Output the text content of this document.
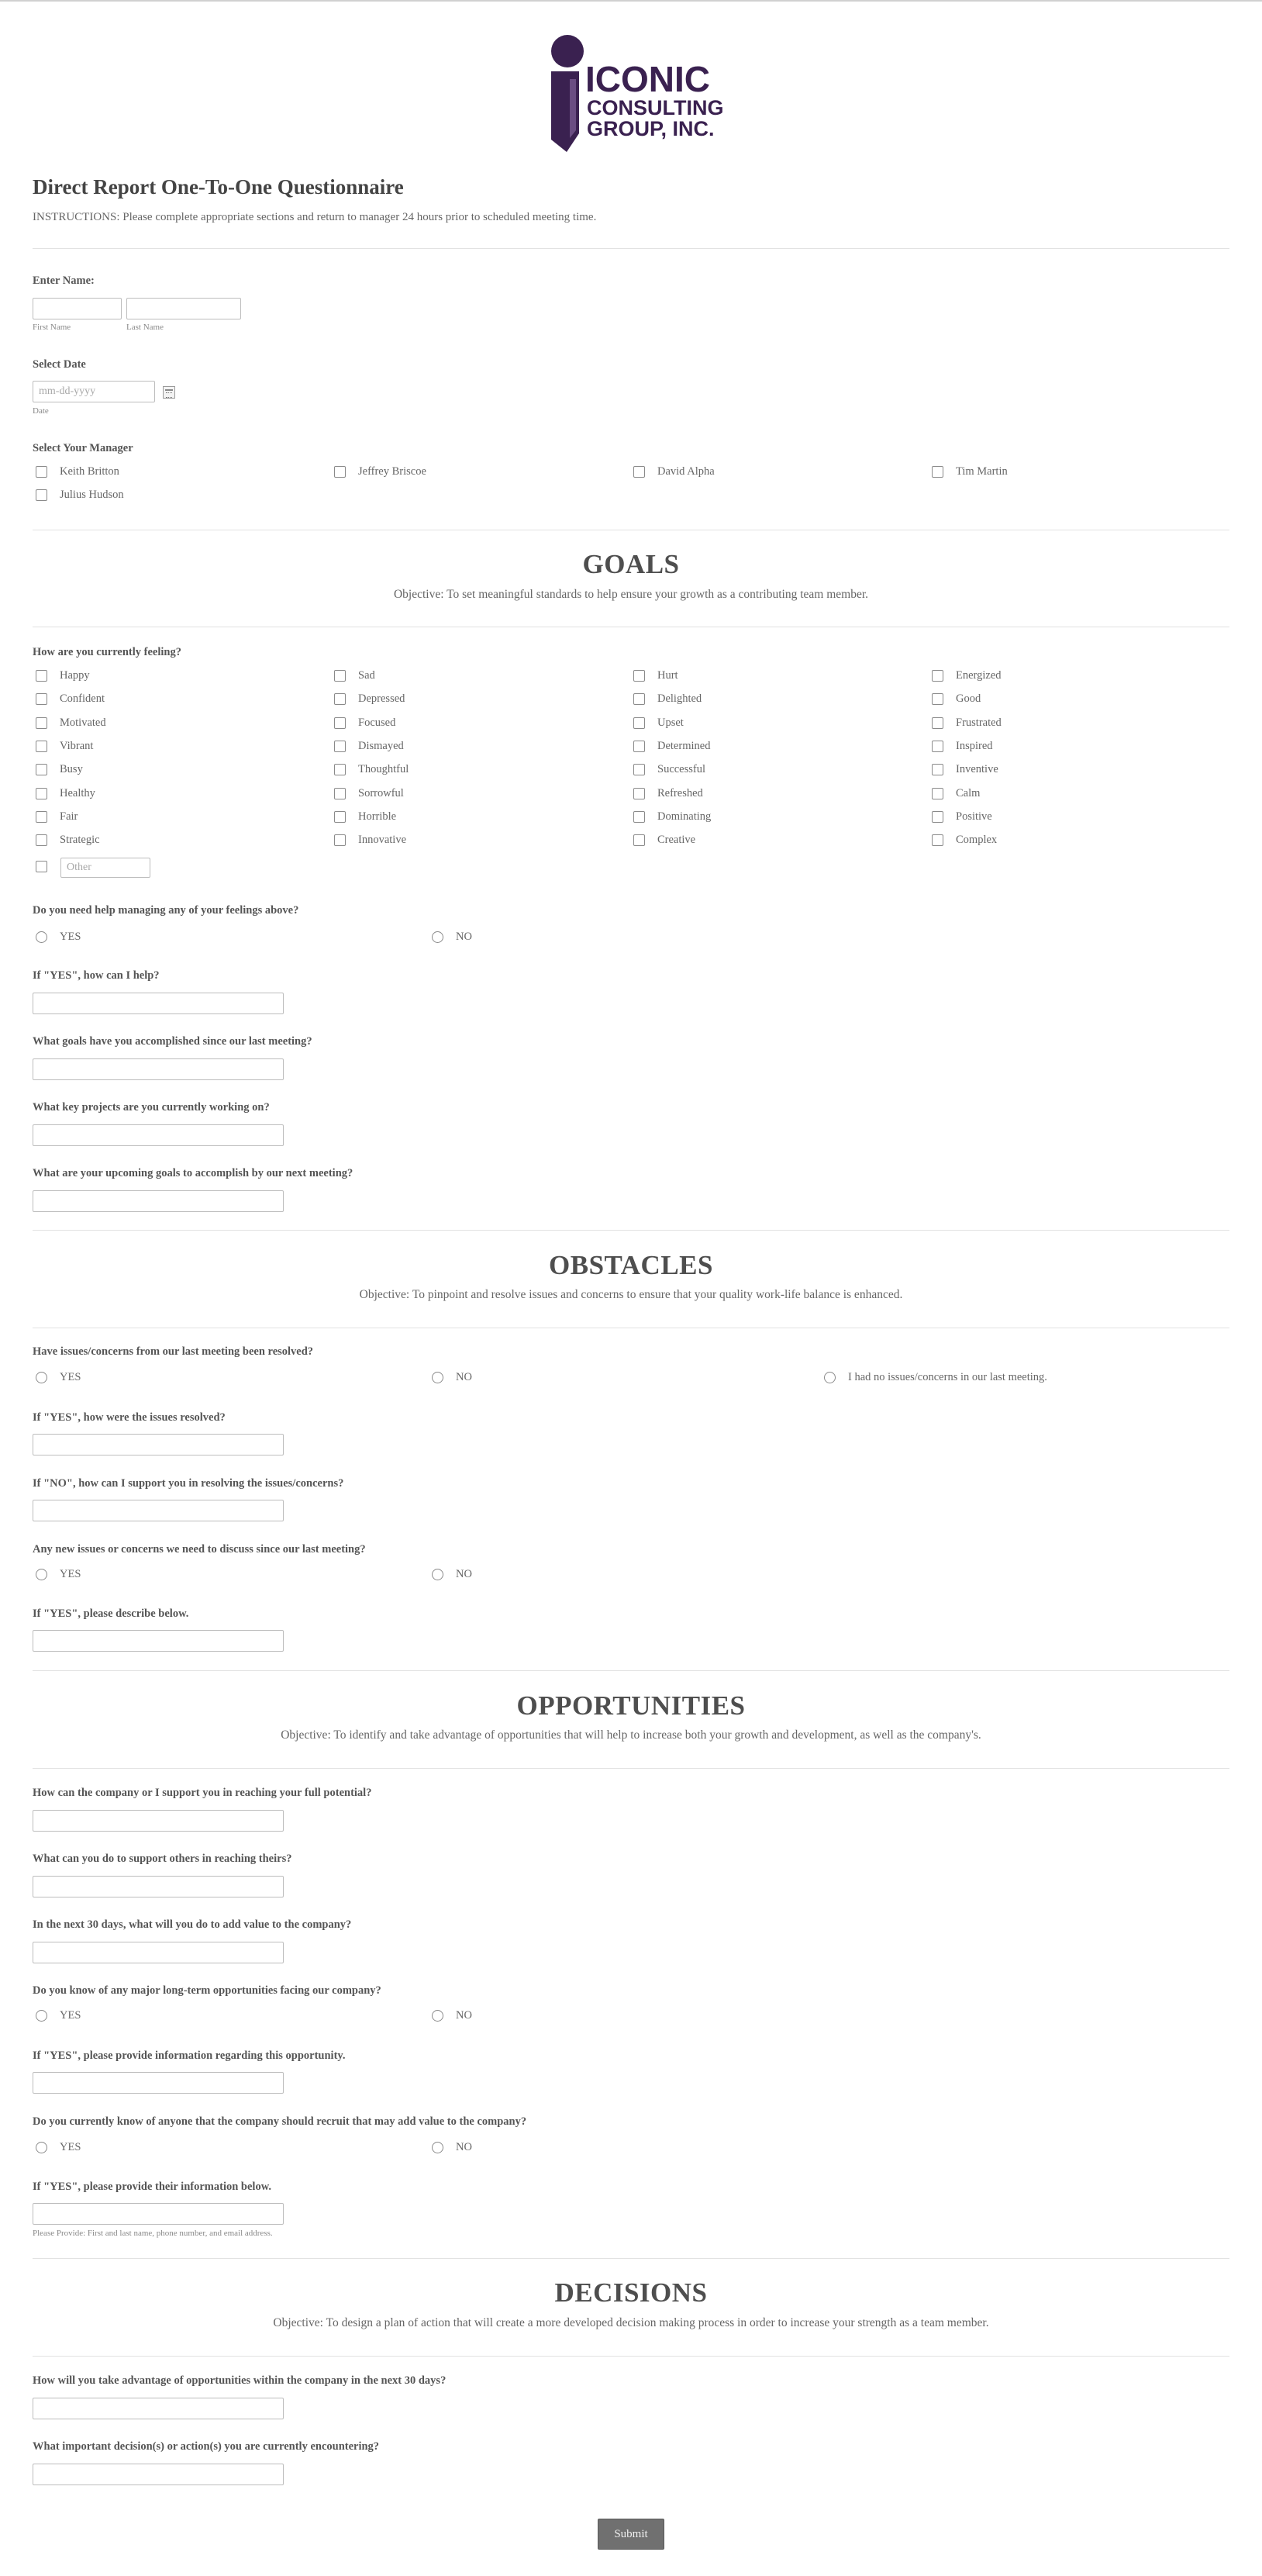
ICONIC
CONSULTING
GROUP, INC.
Direct Report One-To-One Questionnaire
INSTRUCTIONS: Please complete appropriate sections and return to manager 24 hours prior to scheduled meeting time.
Enter Name:
First Name	Last Name
Select Date
mm-dd-yyyy
Date
Select Your Manager
Keith Britton	Jeffrey Briscoe	David Alpha	Tim Martin
Julius Hudson
GOALS
Objective: To set meaningful standards to help ensure your growth as a contributing team member.
How are you currently feeling?
Happy	Sad	Hurt	Energized
Confident	Depressed	Delighted	Good
Motivated	Focused	Upset	Frustrated
Vibrant	Dismayed	Determined	Inspired
Busy	Thoughtful	Successful	Inventive
Healthy	Sorrowful	Refreshed	Calm
Fair	Horrible	Dominating	Positive
Strategic	Innovative	Creative	Complex
Other
Do you need help managing any of your feelings above?
YES	NO
If "YES", how can I help?
What goals have you accomplished since our last meeting?
What key projects are you currently working on?
What are your upcoming goals to accomplish by our next meeting?
OBSTACLES
Objective: To pinpoint and resolve issues and concerns to ensure that your quality work-life balance is enhanced.
Have issues/concerns from our last meeting been resolved?
YES	NO	I had no issues/concerns in our last meeting.
If "YES", how were the issues resolved?
If "NO", how can I support you in resolving the issues/concerns?
Any new issues or concerns we need to discuss since our last meeting?
YES	NO
If "YES", please describe below.
OPPORTUNITIES
Objective: To identify and take advantage of opportunities that will help to increase both your growth and development, as well as the company's.
How can the company or I support you in reaching your full potential?
What can you do to support others in reaching theirs?
In the next 30 days, what will you do to add value to the company?
Do you know of any major long-term opportunities facing our company?
YES	NO
If "YES", please provide information regarding this opportunity.
Do you currently know of anyone that the company should recruit that may add value to the company?
YES	NO
If "YES", please provide their information below.
Please Provide: First and last name, phone number, and email address.
DECISIONS
Objective: To design a plan of action that will create a more developed decision making process in order to increase your strength as a team member.
How will you take advantage of opportunities within the company in the next 30 days?
What important decision(s) or action(s) you are currently encountering?
Submit
